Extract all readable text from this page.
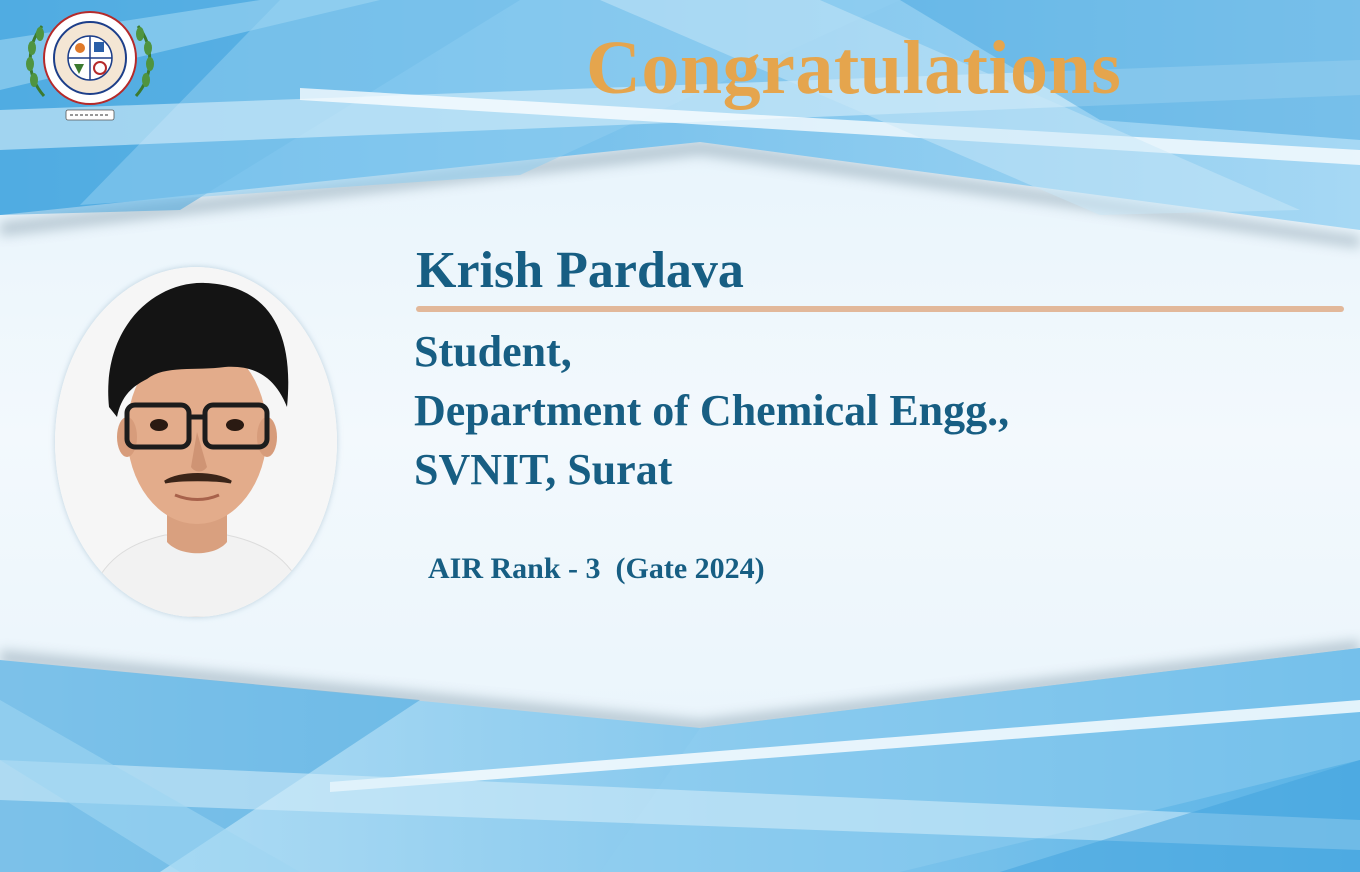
Congratulations
Krish Pardava
Student,
Department of Chemical Engg.,
SVNIT, Surat
AIR Rank - 3  (Gate 2024)
